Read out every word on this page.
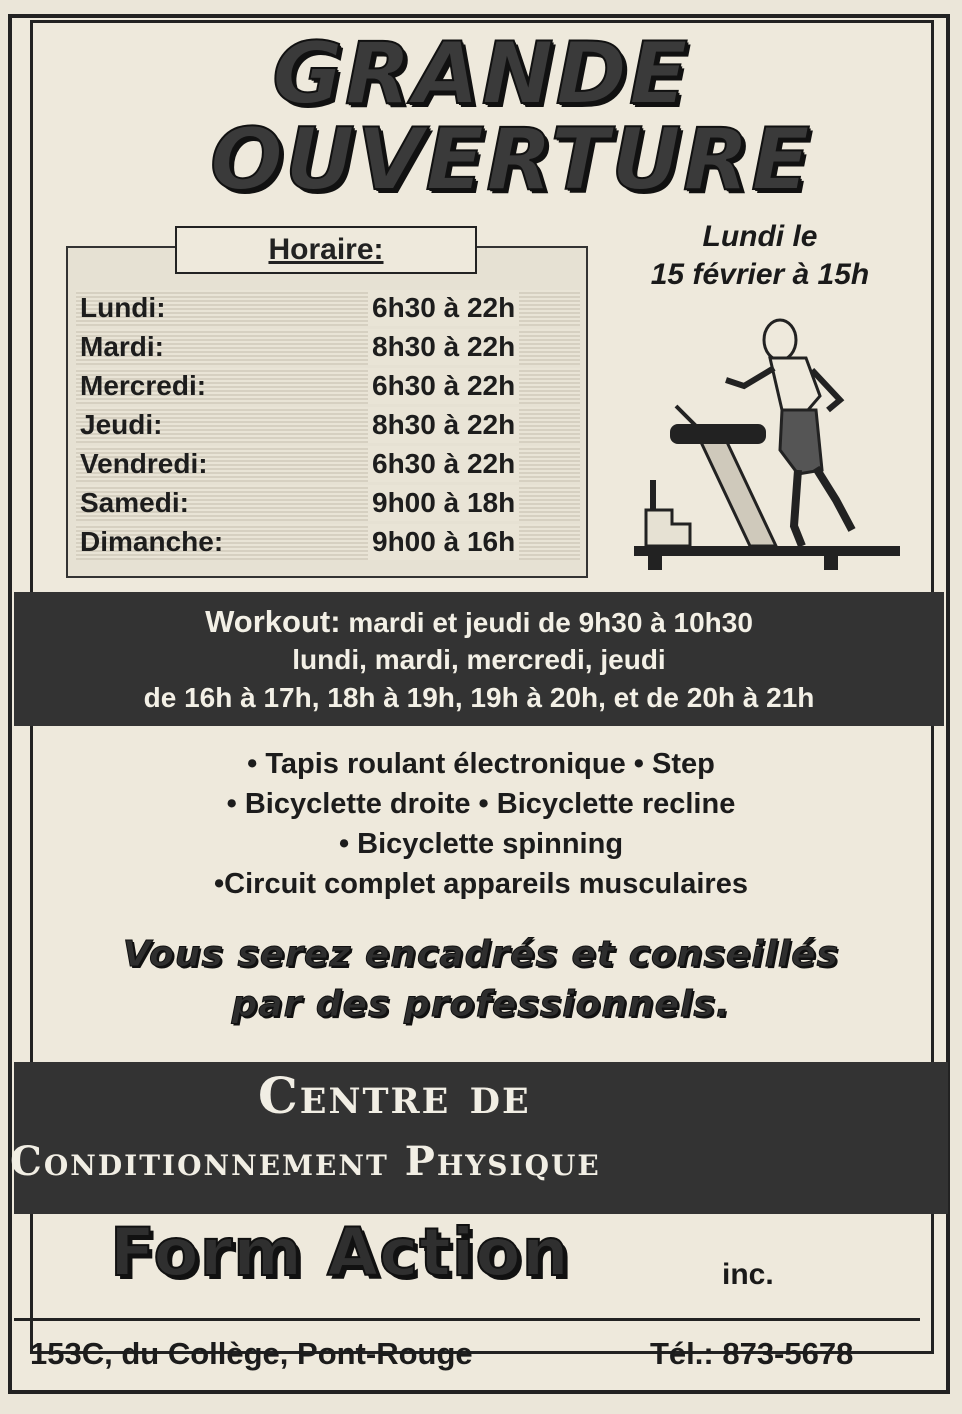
GRANDE
OUVERTURE
Lundi le
15 février à 15h
Horaire:
Lundi:	6h30 à 22h
Mardi:	8h30 à 22h
Mercredi:	6h30 à 22h
Jeudi:	8h30 à 22h
Vendredi:	6h30 à 22h
Samedi:	9h00 à 18h
Dimanche:	9h00 à 16h
Workout: mardi et jeudi de 9h30 à 10h30
lundi, mardi, mercredi, jeudi
de 16h à 17h, 18h à 19h, 19h à 20h, et de 20h à 21h
• Tapis roulant électronique • Step
• Bicyclette droite • Bicyclette recline
• Bicyclette spinning
•Circuit complet appareils musculaires
Vous serez encadrés et conseillés
par des professionnels.
Centre de
Conditionnement Physique
Form Action	inc.
153C, du Collège, Pont-Rouge	Tél.: 873-5678
